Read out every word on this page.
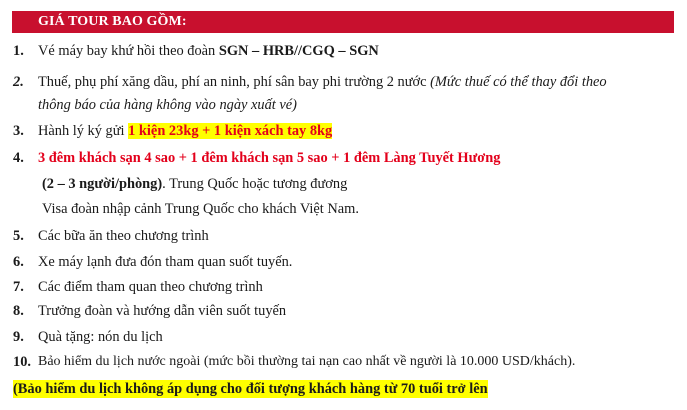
GIÁ TOUR BAO GỒM:
1. Vé máy bay khứ hồi theo đoàn SGN – HRB//CGQ – SGN
2. Thuế, phụ phí xăng dầu, phí an ninh, phí sân bay phi trường 2 nước (Mức thuế có thể thay đổi theo
thông báo của hàng không vào ngày xuất vé)
3. Hành lý ký gửi 1 kiện 23kg + 1 kiện xách tay 8kg
4. 3 đêm khách sạn 4 sao + 1 đêm khách sạn 5 sao + 1 đêm Làng Tuyết Hương
(2 – 3 người/phòng). Trung Quốc hoặc tương đương
Visa đoàn nhập cảnh Trung Quốc cho khách Việt Nam.
5. Các bữa ăn theo chương trình
6. Xe máy lạnh đưa đón tham quan suốt tuyến.
7. Các điểm tham quan theo chương trình
8. Trưởng đoàn và hướng dẫn viên suốt tuyến
9. Quà tặng: nón du lịch
10. Bảo hiểm du lịch nước ngoài (mức bồi thường tai nạn cao nhất về người là 10.000 USD/khách).
(Bảo hiểm du lịch không áp dụng cho đối tượng khách hàng từ 70 tuổi trở lên
